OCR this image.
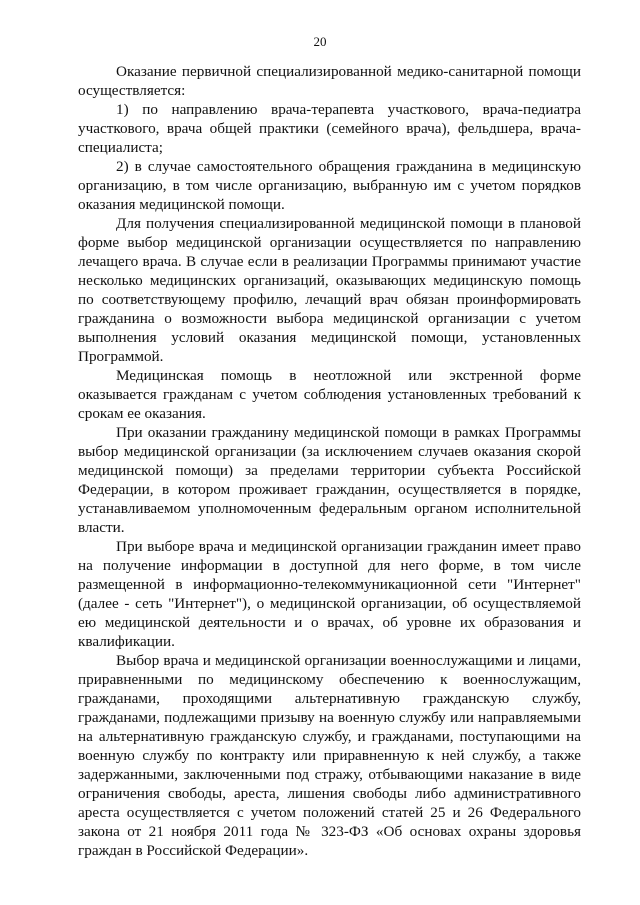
20

Оказание первичной специализированной медико-санитарной помощи осуществляется:

1) по направлению врача-терапевта участкового, врача-педиатра участкового, врача общей практики (семейного врача), фельдшера, врача-специалиста;

2) в случае самостоятельного обращения гражданина в медицинскую организацию, в том числе организацию, выбранную им с учетом порядков оказания медицинской помощи.

Для получения специализированной медицинской помощи в плановой форме выбор медицинской организации осуществляется по направлению лечащего врача. В случае если в реализации Программы принимают участие несколько медицинских организаций, оказывающих медицинскую помощь по соответствующему профилю, лечащий врач обязан проинформировать гражданина о возможности выбора медицинской организации с учетом выполнения условий оказания медицинской помощи, установленных Программой.

Медицинская помощь в неотложной или экстренной форме оказывается гражданам с учетом соблюдения установленных требований к срокам ее оказания.

При оказании гражданину медицинской помощи в рамках Программы выбор медицинской организации (за исключением случаев оказания скорой медицинской помощи) за пределами территории субъекта Российской Федерации, в котором проживает гражданин, осуществляется в порядке, устанавливаемом уполномоченным федеральным органом исполнительной власти.

При выборе врача и медицинской организации гражданин имеет право на получение информации в доступной для него форме, в том числе размещенной в информационно-телекоммуникационной сети "Интернет" (далее - сеть "Интернет"), о медицинской организации, об осуществляемой ею медицинской деятельности и о врачах, об уровне их образования и квалификации.

Выбор врача и медицинской организации военнослужащими и лицами, приравненными по медицинскому обеспечению к военнослужащим, гражданами, проходящими альтернативную гражданскую службу, гражданами, подлежащими призыву на военную службу или направляемыми на альтернативную гражданскую службу, и гражданами, поступающими на военную службу по контракту или приравненную к ней службу, а также задержанными, заключенными под стражу, отбывающими наказание в виде ограничения свободы, ареста, лишения свободы либо административного ареста осуществляется с учетом положений статей 25 и 26 Федерального закона от 21 ноября 2011 года № 323-ФЗ «Об основах охраны здоровья граждан в Российской Федерации».
